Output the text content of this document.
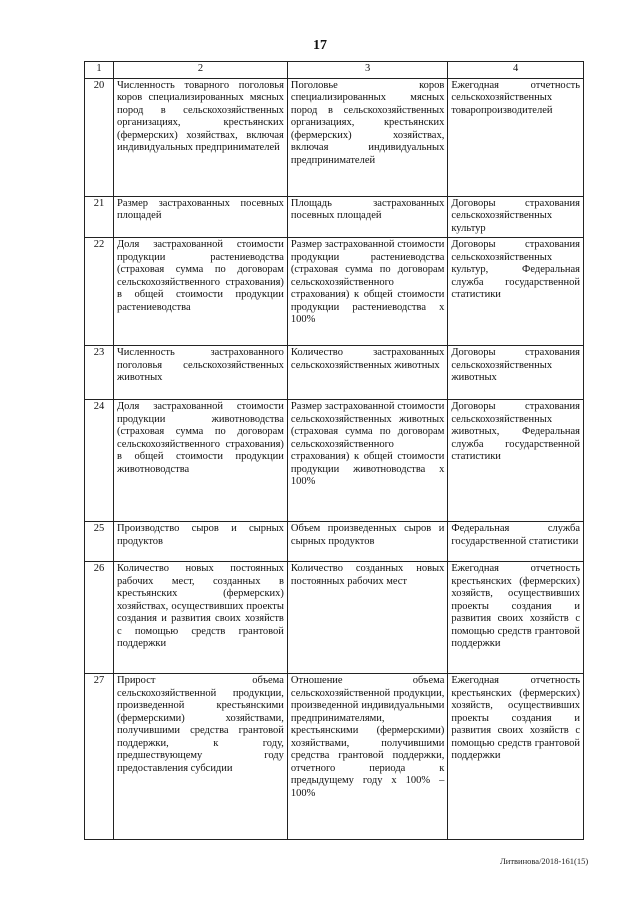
17
1	2	3	4
20	Численность товарного поголовья коров специализированных мясных пород в сельскохозяйственных организациях, крестьянских (фермерских) хозяйствах, включая индивидуальных предпринимателей	Поголовье коров специализированных мясных пород в сельскохозяйственных организациях, крестьянских (фермерских) хозяйствах, включая индивидуальных предпринимателей	Ежегодная отчетность сельскохозяйственных товаропроизводителей
21	Размер застрахованных посевных площадей	Площадь застрахованных посевных площадей	Договоры страхования сельскохозяйственных культур
22	Доля застрахованной стоимости продукции растениеводства (страховая сумма по договорам сельскохозяйственного страхования) в общей стоимости продукции растениеводства	Размер застрахованной стоимости продукции растениеводства (страховая сумма по договорам сельскохозяйственного страхования) к общей стоимости продукции растениеводства х 100%	Договоры страхования сельскохозяйственных культур, Федеральная служба государственной статистики
23	Численность застрахованного поголовья сельскохозяйственных животных	Количество застрахованных сельскохозяйственных животных	Договоры страхования сельскохозяйственных животных
24	Доля застрахованной стоимости продукции животноводства (страховая сумма по договорам сельскохозяйственного страхования) в общей стоимости продукции животноводства	Размер застрахованной стоимости сельскохозяйственных животных (страховая сумма по договорам сельскохозяйственного страхования) к общей стоимости продукции животноводства х 100%	Договоры страхования сельскохозяйственных животных, Федеральная служба государственной статистики
25	Производство сыров и сырных продуктов	Объем произведенных сыров и сырных продуктов	Федеральная служба государственной статистики
26	Количество новых постоянных рабочих мест, созданных в крестьянских (фермерских) хозяйствах, осуществивших проекты создания и развития своих хозяйств с помощью средств грантовой поддержки	Количество созданных новых постоянных рабочих мест	Ежегодная отчетность крестьянских (фермерских) хозяйств, осуществивших проекты создания и развития своих хозяйств с помощью средств грантовой поддержки
27	Прирост объема сельскохозяйственной продукции, произведенной крестьянскими (фермерскими) хозяйствами, получившими средства грантовой поддержки, к году, предшествующему году предоставления субсидии	Отношение объема сельскохозяйственной продукции, произведенной индивидуальными предпринимателями, крестьянскими (фермерскими) хозяйствами, получившими средства грантовой поддержки, отчетного периода к предыдущему году х 100% – 100%	Ежегодная отчетность крестьянских (фермерских) хозяйств, осуществивших проекты создания и развития своих хозяйств с помощью средств грантовой поддержки
Литвинова/2018-161(15)
